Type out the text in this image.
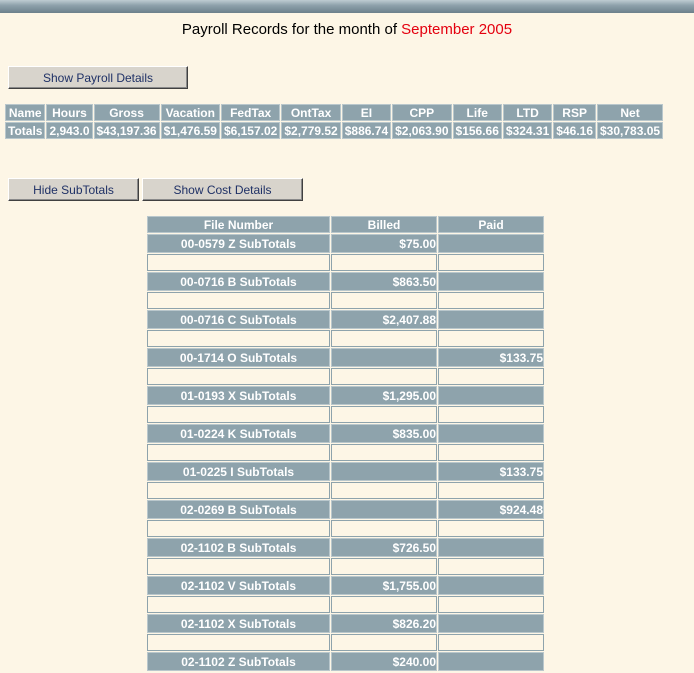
Payroll Records for the month of September 2005
Show Payroll Details
Name	Hours	Gross	Vacation	FedTax	OntTax	EI	CPP	Life	LTD	RSP	Net
Totals	2,943.0	$43,197.36	$1,476.59	$6,157.02	$2,779.52	$886.74	$2,063.90	$156.66	$324.31	$46.16	$30,783.05
Hide SubTotals	Show Cost Details
File Number	Billed	Paid
00-0579 Z SubTotals	$75.00	

00-0716 B SubTotals	$863.50	

00-0716 C SubTotals	$2,407.88	

00-1714 O SubTotals		$133.75

01-0193 X SubTotals	$1,295.00	

01-0224 K SubTotals	$835.00	

01-0225 I SubTotals		$133.75

02-0269 B SubTotals		$924.48

02-1102 B SubTotals	$726.50	

02-1102 V SubTotals	$1,755.00	

02-1102 X SubTotals	$826.20	

02-1102 Z SubTotals	$240.00	
